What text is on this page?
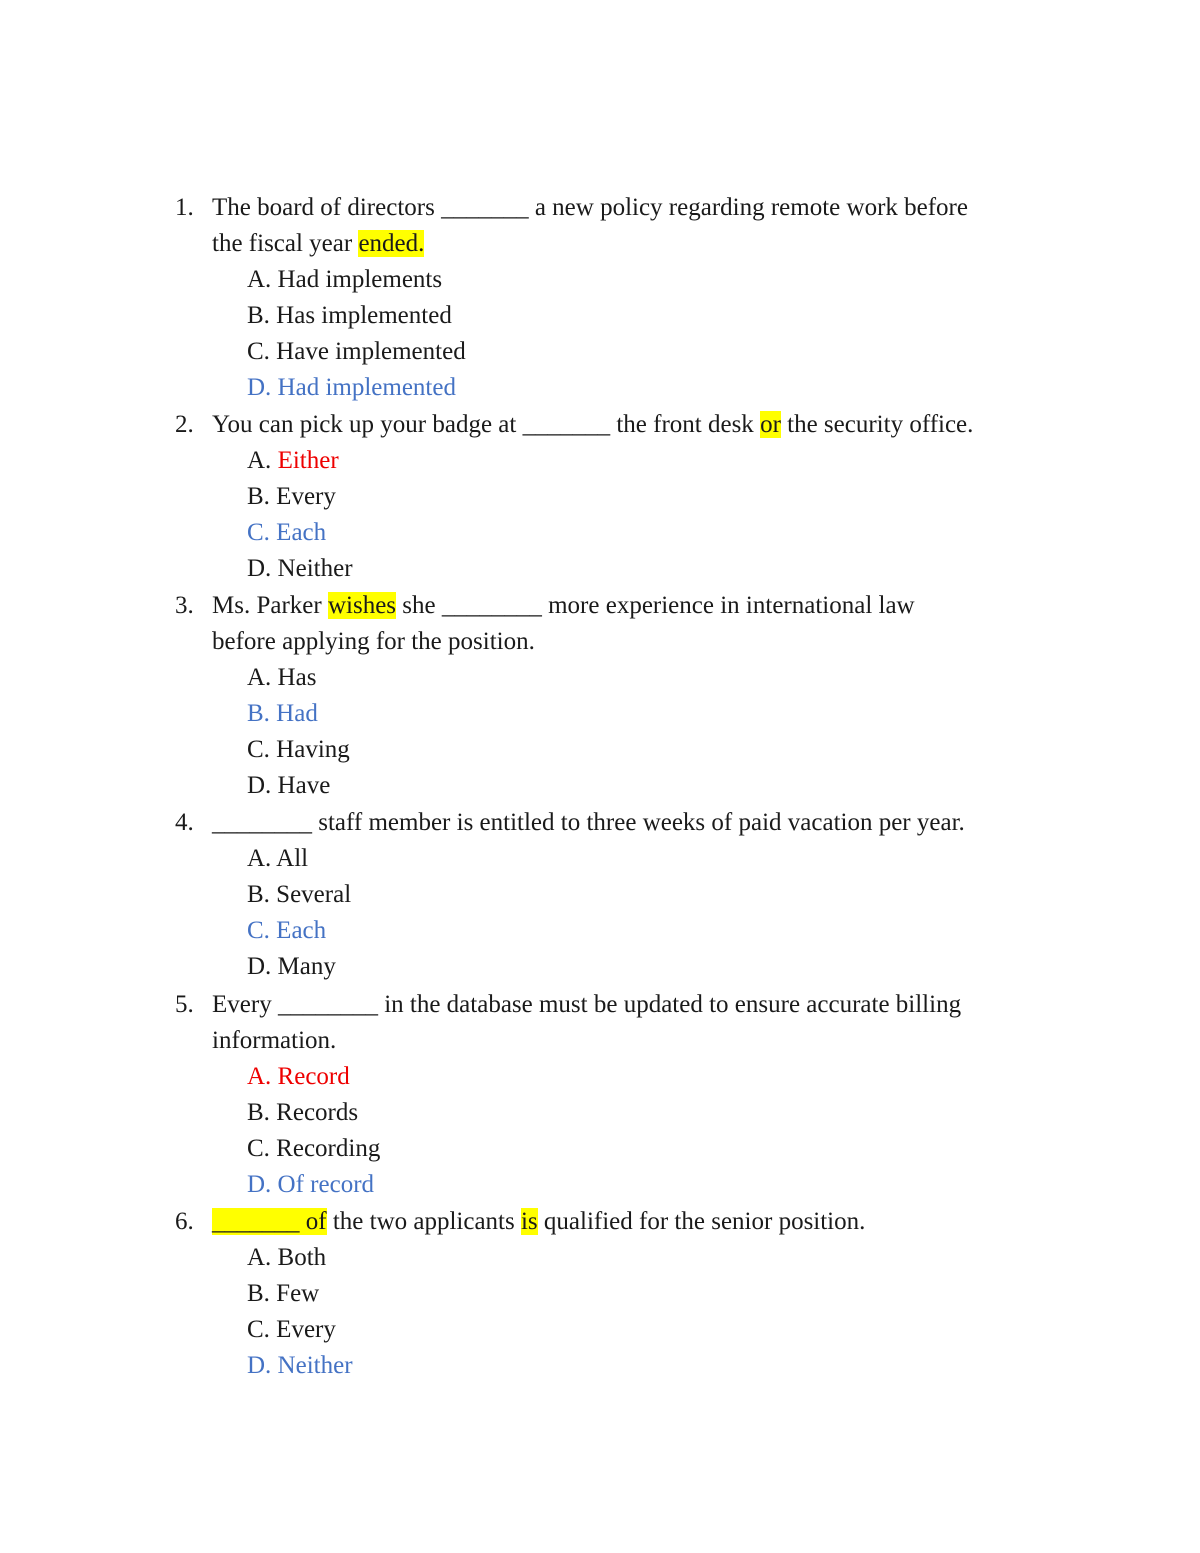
1. The board of directors _______ a new policy regarding remote work before
the fiscal year ended.
A. Had implements
B. Has implemented
C. Have implemented
D. Had implemented
2. You can pick up your badge at _______ the front desk or the security office.
A. Either
B. Every
C. Each
D. Neither
3. Ms. Parker wishes she ________ more experience in international law
before applying for the position.
A. Has
B. Had
C. Having
D. Have
4. ________ staff member is entitled to three weeks of paid vacation per year.
A. All
B. Several
C. Each
D. Many
5. Every ________ in the database must be updated to ensure accurate billing
information.
A. Record
B. Records
C. Recording
D. Of record
6. _______ of the two applicants is qualified for the senior position.
A. Both
B. Few
C. Every
D. Neither
